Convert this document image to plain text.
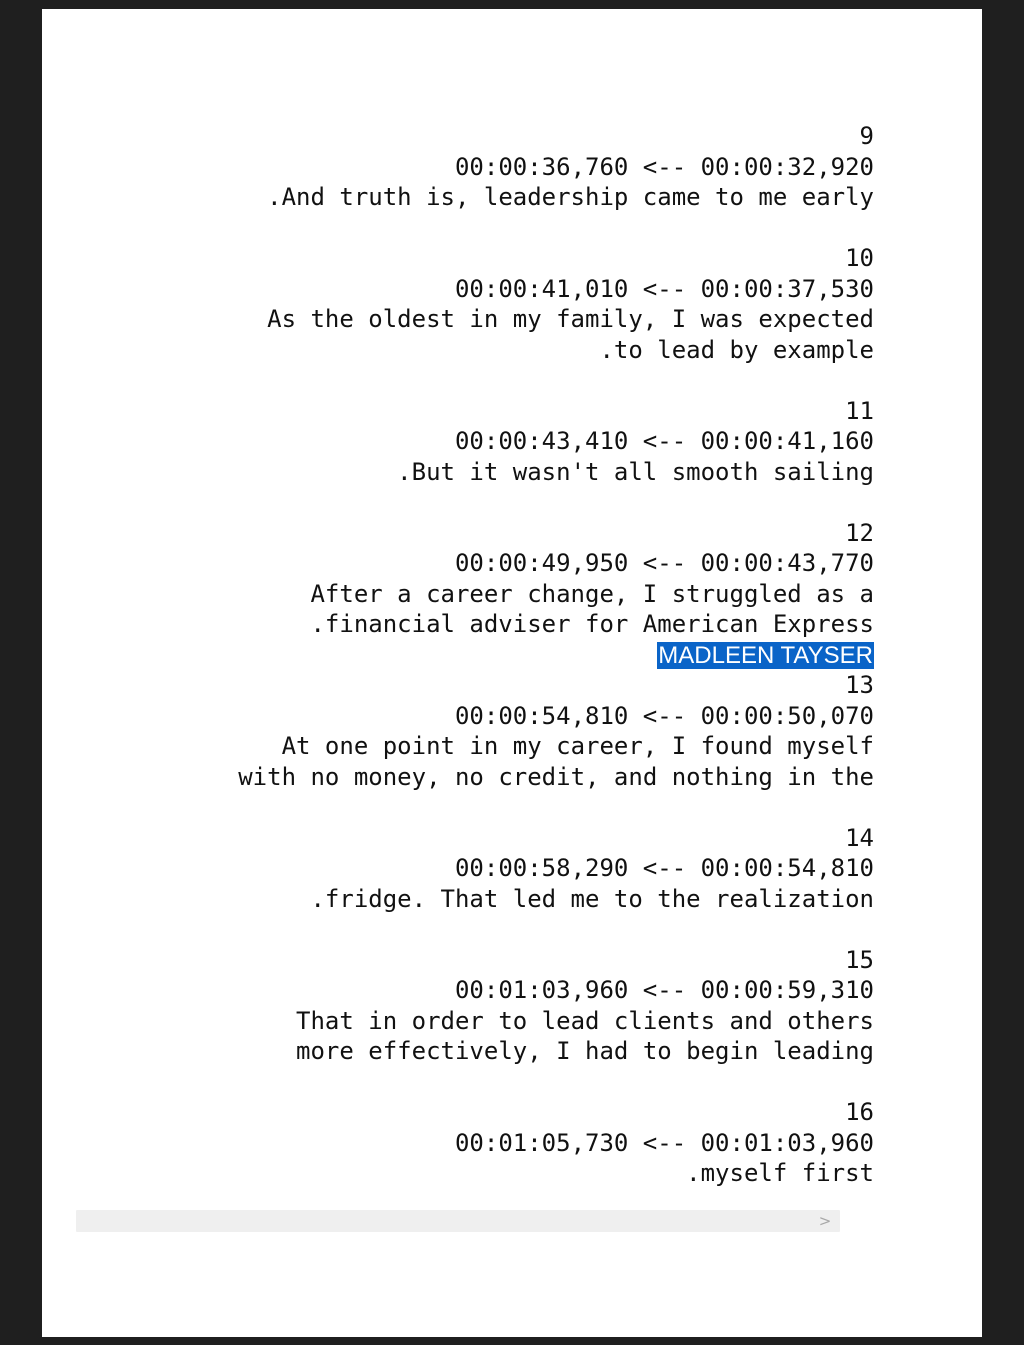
9
00:00:36,760 <-- 00:00:32,920
.And truth is, leadership came to me early
10
00:00:41,010 <-- 00:00:37,530
As the oldest in my family, I was expected
.to lead by example
11
00:00:43,410 <-- 00:00:41,160
.But it wasn't all smooth sailing
12
00:00:49,950 <-- 00:00:43,770
After a career change, I struggled as a
.financial adviser for American Express
MADLEEN TAYSER
13
00:00:54,810 <-- 00:00:50,070
At one point in my career, I found myself
with no money, no credit, and nothing in the
14
00:00:58,290 <-- 00:00:54,810
.fridge. That led me to the realization
15
00:01:03,960 <-- 00:00:59,310
That in order to lead clients and others
more effectively, I had to begin leading
16
00:01:05,730 <-- 00:01:03,960
.myself first
>
